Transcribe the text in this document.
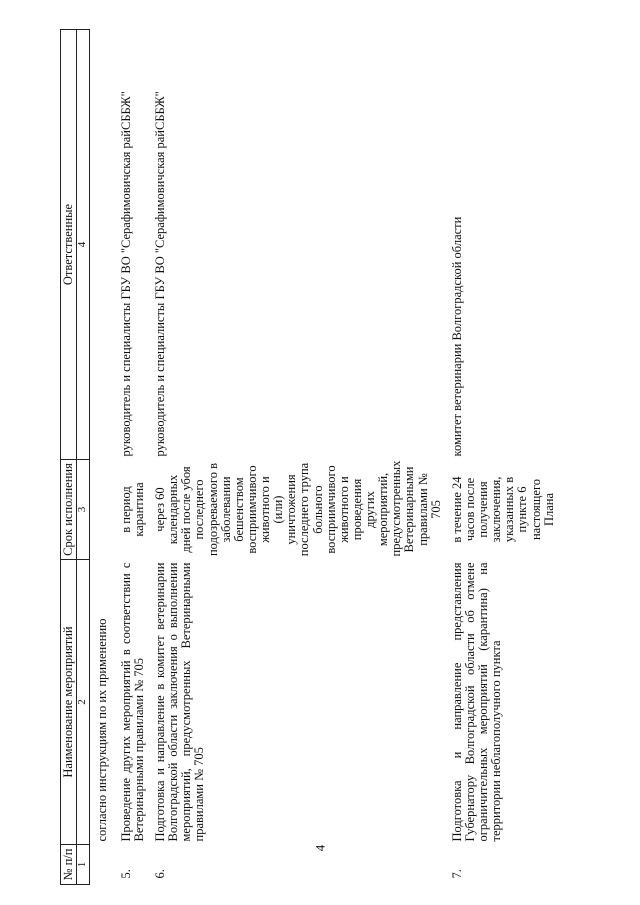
4
№ п/п	Наименование мероприятий	Срок исполнения	Ответственные
1	2	3	4
	согласно инструкциям по их применению		
5.	Проведение других мероприятий в соответствии с Ветеринарными правилами № 705	в период карантина	руководитель и специалисты ГБУ ВО "Серафимовичская райСББЖ"

6.	Подготовка и направление в комитет ветеринарии Волгоградской области заключения о выполнении мероприятий, предусмотренных Ветеринарными правилами № 705	через 60 календарных дней после убоя последнего подозреваемого в заболевании бешенством восприимчивого животного и (или) уничтожения последнего трупа больного восприимчивого животного и проведения других мероприятий, предусмотренных Ветеринарными правилами № 705	руководитель и специалисты ГБУ ВО "Серафимовичская райСББЖ"

7.	Подготовка и направление представления Губернатору Волгоградской области об отмене ограничительных мероприятий (карантина) на территории неблагополучного пункта	в течение 24 часов после получения заключения, указанных в пункте 6 настоящего Плана	комитет ветеринарии Волгоградской области
